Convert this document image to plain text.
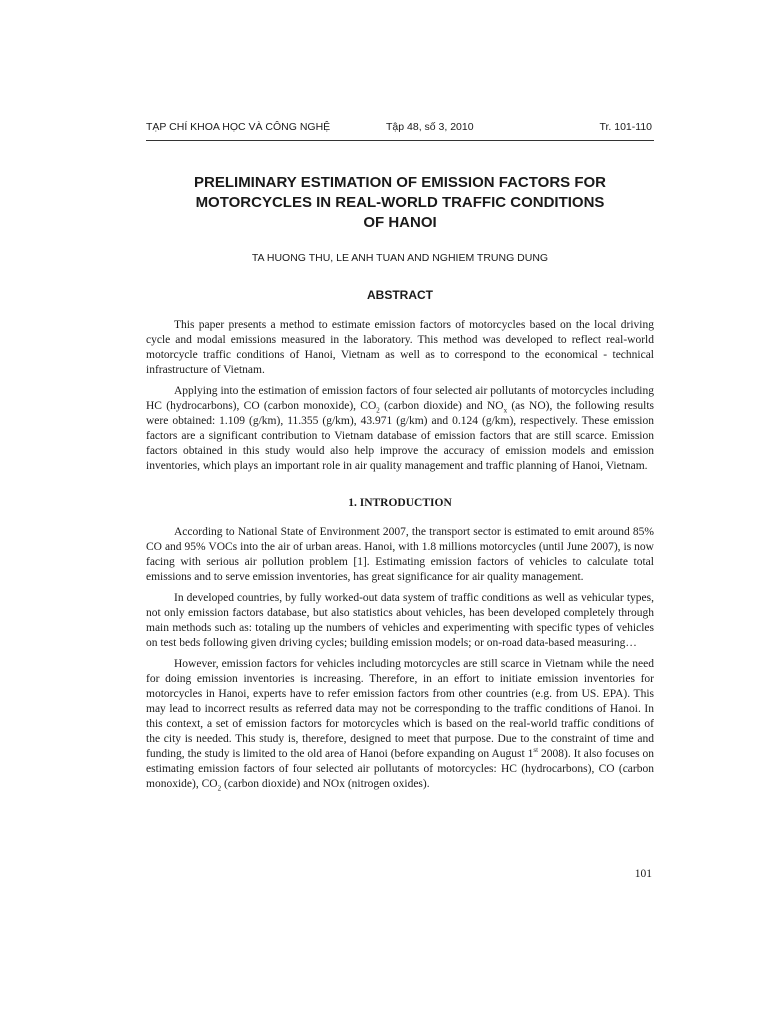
TẠP CHÍ KHOA HỌC VÀ CÔNG NGHỆ	Tập 48, số 3, 2010	Tr. 101-110
PRELIMINARY ESTIMATION OF EMISSION FACTORS FOR
MOTORCYCLES IN REAL-WORLD TRAFFIC CONDITIONS
OF HANOI
TA HUONG THU, LE ANH TUAN AND NGHIEM TRUNG DUNG
ABSTRACT

This paper presents a method to estimate emission factors of motorcycles based on the local driving cycle and modal emissions measured in the laboratory. This method was developed to reflect real-world motorcycle traffic conditions of Hanoi, Vietnam as well as to correspond to the economical - technical infrastructure of Vietnam.

Applying into the estimation of emission factors of four selected air pollutants of motorcycles including HC (hydrocarbons), CO (carbon monoxide), $CO_2$ (carbon dioxide) and $NO_x$ (as NO), the following results were obtained: 1.109 (g/km), 11.355 (g/km), 43.971 (g/km) and 0.124 (g/km), respectively. These emission factors are a significant contribution to Vietnam database of emission factors that are still scarce. Emission factors obtained in this study would also help improve the accuracy of emission models and emission inventories, which plays an important role in air quality management and traffic planning of Hanoi, Vietnam.

1. INTRODUCTION

According to National State of Environment 2007, the transport sector is estimated to emit around 85% CO and 95% VOCs into the air of urban areas. Hanoi, with 1.8 millions motorcycles (until June 2007), is now facing with serious air pollution problem [1]. Estimating emission factors of vehicles to calculate total emissions and to serve emission inventories, has great significance for air quality management.

In developed countries, by fully worked-out data system of traffic conditions as well as vehicular types, not only emission factors database, but also statistics about vehicles, has been developed completely through main methods such as: totaling up the numbers of vehicles and experimenting with specific types of vehicles on test beds following given driving cycles; building emission models; or on-road data-based measuring…

However, emission factors for vehicles including motorcycles are still scarce in Vietnam while the need for doing emission inventories is increasing. Therefore, in an effort to initiate emission inventories for motorcycles in Hanoi, experts have to refer emission factors from other countries (e.g. from US. EPA). This may lead to incorrect results as referred data may not be corresponding to the traffic conditions of Hanoi. In this context, a set of emission factors for motorcycles which is based on the real-world traffic conditions of the city is needed. This study is, therefore, designed to meet that purpose. Due to the constraint of time and funding, the study is limited to the old area of Hanoi (before expanding on August 1st 2008). It also focuses on estimating emission factors of four selected air pollutants of motorcycles: HC (hydrocarbons), CO (carbon monoxide), $CO_2$ (carbon dioxide) and NOx (nitrogen oxides).

101
